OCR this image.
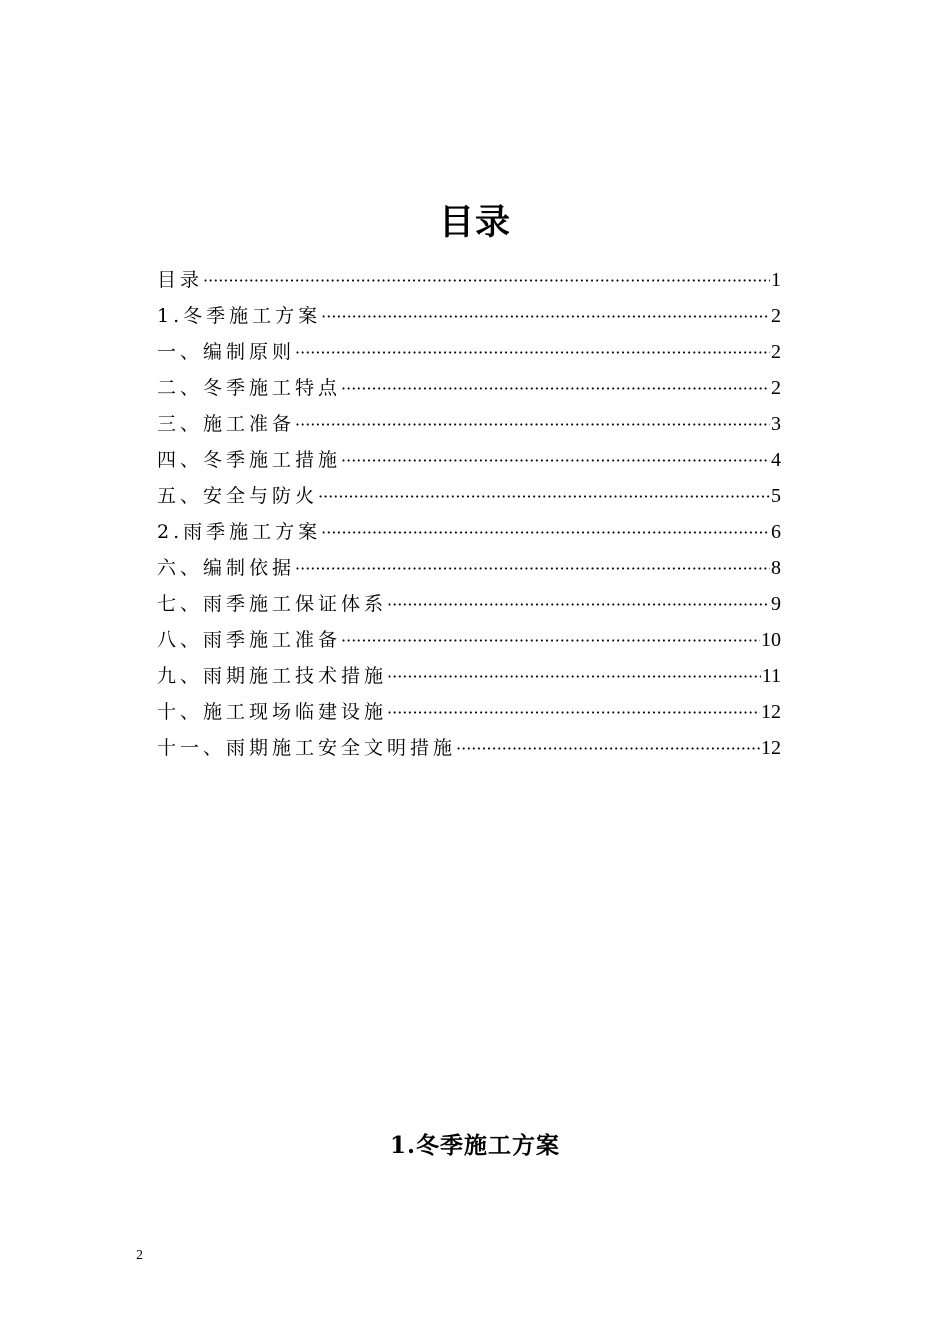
目录
目录 ·····	1
1.冬季施工方案 ·····	2
一、编制原则 ·····	2
二、冬季施工特点 ·····	2
三、施工准备 ·····	3
四、冬季施工措施 ·····	4
五、安全与防火 ·····	5
2.雨季施工方案 ·····	6
六、编制依据 ·····	8
七、雨季施工保证体系 ·····	9
八、雨季施工准备 ·····	10
九、雨期施工技术措施 ·····	11
十、施工现场临建设施 ·····	12
十一、雨期施工安全文明措施 ·····	12
1.冬季施工方案
2
